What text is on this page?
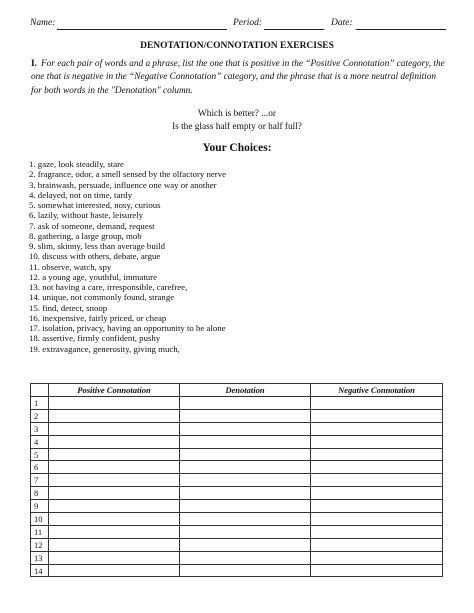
Name:	Period:	Date:
DENOTATION/CONNOTATION EXERCISES
I. For each pair of words and a phrase, list the one that is positive in the “Positive Connotation” category, the one that is negative in the “Negative Connotation” category, and the phrase that is a more neutral definition for both words in the "Denotation" column.
Which is better? ...or
Is the glass half empty or half full?
Your Choices:
1. gaze, look steadily, stare
2. fragrance, odor, a smell sensed by the olfactory nerve
3. brainwash, persuade, influence one way or another
4. delayed, not on time, tardy
5. somewhat interested, nosy, curious
6. lazily, without haste, leisurely
7. ask of someone, demand, request
8. gathering, a large group, mob
9. slim, skinny, less than average build
10. discuss with others, debate, argue
11. observe, watch, spy
12. a young age, youthful, immature
13. not having a care, irresponsible, carefree,
14. unique, not commonly found, strange
15. find, detect, snoop
16. inexpensive, fairly priced, or cheap
17. isolation, privacy, having an opportunity to be alone
18. assertive, firmly confident, pushy
19. extravagance, generosity, giving much,
	Positive Connotation	Denotation	Negative Connotation
1			
2			
3			
4			
5			
6			
7			
8			
9			
10			
11			
12			
13			
14			
